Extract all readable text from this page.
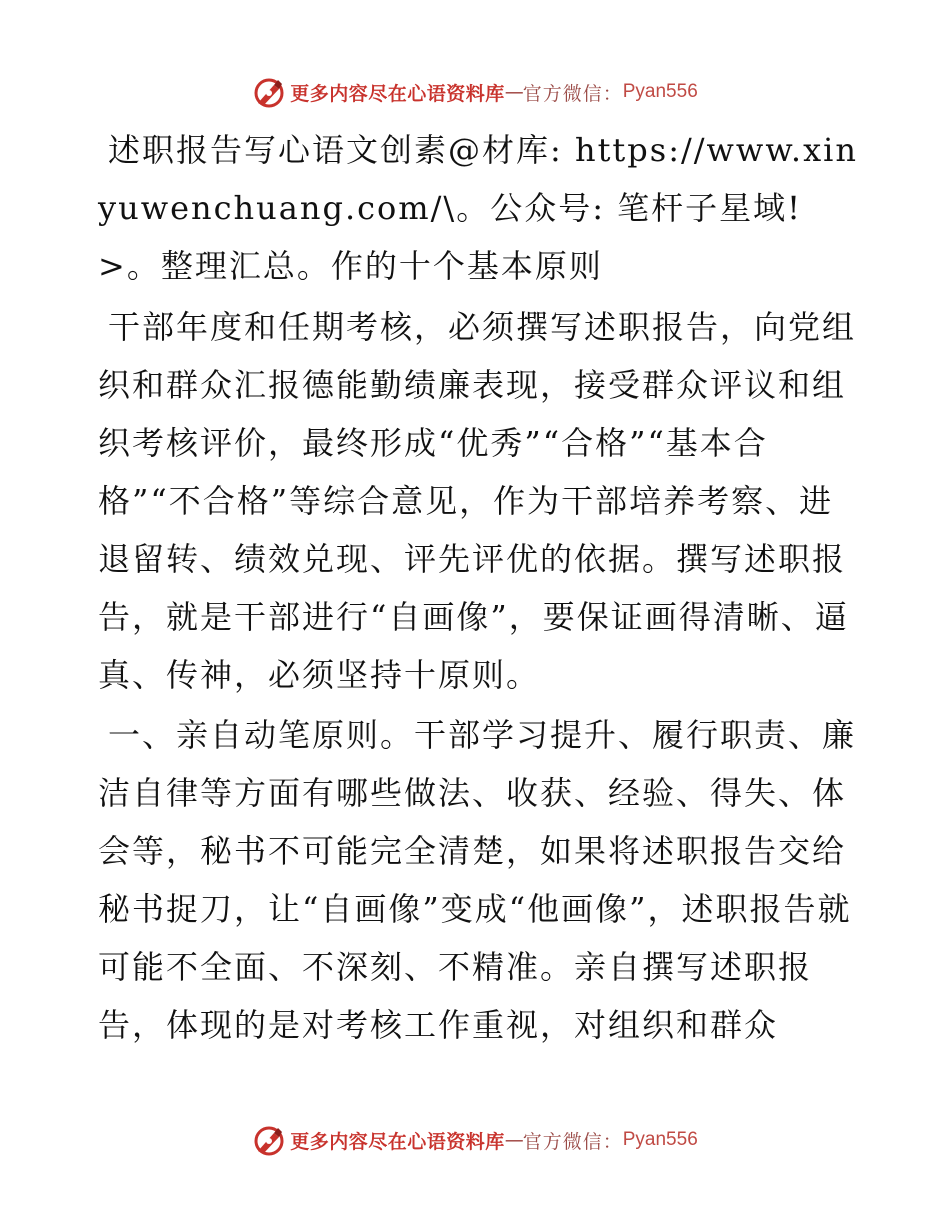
更多内容尽在心语资料库 — 官方微信： Pyan556

述职报告写心语文创素@材库: https://www.xinyuwenchuang.com/\。公众号: 笔杆子星域! >。整理汇总。作的十个基本原则

干部年度和任期考核，必须撰写述职报告，向党组织和群众汇报德能勤绩廉表现，接受群众评议和组织考核评价，最终形成“优秀”“合格”“基本合格”“不合格”等综合意见，作为干部培养考察、进退留转、绩效兑现、评先评优的依据。撰写述职报告，就是干部进行“自画像”，要保证画得清晰、逼真、传神，必须坚持十原则。

一、亲自动笔原则。干部学习提升、履行职责、廉洁自律等方面有哪些做法、收获、经验、得失、体会等，秘书不可能完全清楚，如果将述职报告交给秘书捉刀，让“自画像”变成“他画像”，述职报告就可能不全面、不深刻、不精准。亲自撰写述职报告，体现的是对考核工作重视，对组织和群众

更多内容尽在心语资料库 — 官方微信： Pyan556
